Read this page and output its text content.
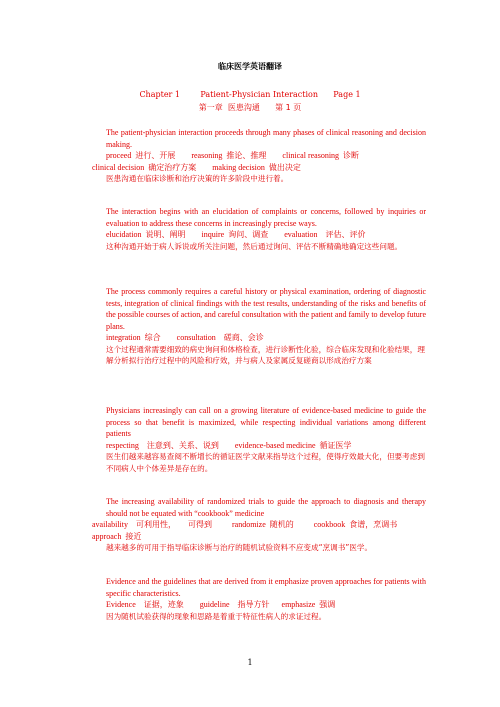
临床医学英语翻译
Chapter 1        Patient-Physician Interaction      Page 1
第一章  医患沟通      第 1 页
The patient-physician interaction proceeds through many phases of clinical reasoning and decision making.
proceed  进行、开展        reasoning  推论、推理        clinical reasoning  诊断
clinical decision  确定治疗方案        making decision  做出决定
医患沟通在临床诊断和治疗决策的许多阶段中进行着。
The interaction begins with an elucidation of complaints or concerns, followed by inquiries or evaluation to address these concerns in increasingly precise ways.
elucidation  说明、阐明        inquire  询问、调查        evaluation    评估、评价
这种沟通开始于病人诉说或所关注问题，然后通过询问、评估不断精确地确定这些问题。
The process commonly requires a careful history or physical examination, ordering of diagnostic tests, integration of clinical findings with the test results, understanding of the risks and benefits of the possible courses of action, and careful consultation with the patient and family to develop future plans.
integration  综合        consultation    磋商、会诊
这个过程通常需要细致的病史询问和体格检查，进行诊断性化验，综合临床发现和化验结果，理解分析拟行治疗过程中的风险和疗效，并与病人及家属反复磋商以形成治疗方案
Physicians increasingly can call on a growing literature of evidence-based medicine to guide the process so that benefit is maximized, while respecting individual variations among different patients
respecting    注意到、关系、说到        evidence-based medicine  循证医学
医生们越来越容易查阅不断增长的循证医学文献来指导这个过程，使得疗效最大化，但要考虑到不同病人中个体差异是存在的。
The increasing availability of randomized trials to guide the approach to diagnosis and therapy should not be equated with “cookbook” medicine
availability    可利用性，      可得到          randomize  随机的          cookbook  食谱，烹调书
approach  接近
越来越多的可用于指导临床诊断与治疗的随机试验资料不应变成“烹调书”医学。
Evidence and the guidelines that are derived from it emphasize proven approaches for patients with specific characteristics.
Evidence    证据，迹象        guideline    指导方针      emphasize  强调
因为随机试验获得的现象和思路是着重于特征性病人的求证过程。
1
